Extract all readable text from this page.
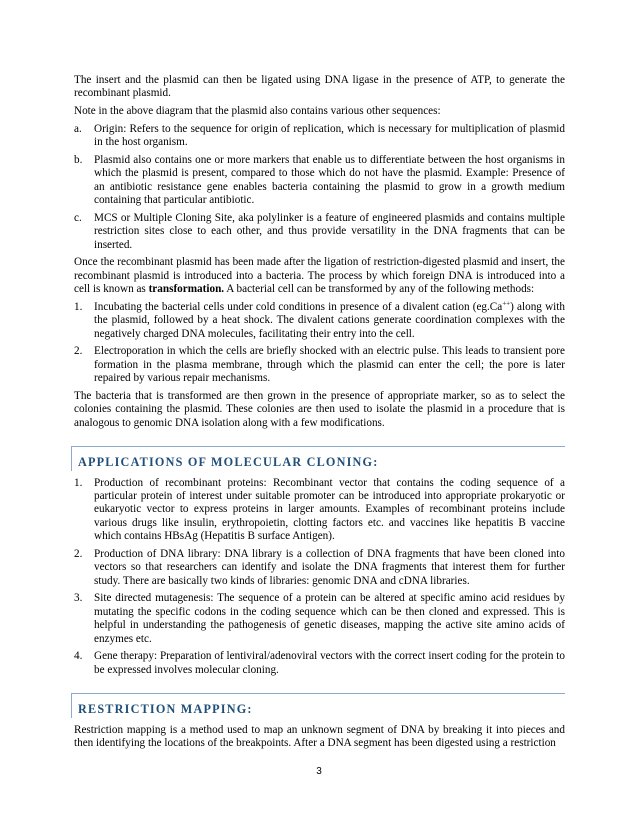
The insert and the plasmid can then be ligated using DNA ligase in the presence of ATP, to generate the recombinant plasmid.

Note in the above diagram that the plasmid also contains various other sequences:

a. Origin: Refers to the sequence for origin of replication, which is necessary for multiplication of plasmid in the host organism.
b. Plasmid also contains one or more markers that enable us to differentiate between the host organisms in which the plasmid is present, compared to those which do not have the plasmid. Example: Presence of an antibiotic resistance gene enables bacteria containing the plasmid to grow in a growth medium containing that particular antibiotic.
c. MCS or Multiple Cloning Site, aka polylinker is a feature of engineered plasmids and contains multiple restriction sites close to each other, and thus provide versatility in the DNA fragments that can be inserted.

Once the recombinant plasmid has been made after the ligation of restriction-digested plasmid and insert, the recombinant plasmid is introduced into a bacteria. The process by which foreign DNA is introduced into a cell is known as transformation. A bacterial cell can be transformed by any of the following methods:

1. Incubating the bacterial cells under cold conditions in presence of a divalent cation (eg.Ca++) along with the plasmid, followed by a heat shock. The divalent cations generate coordination complexes with the negatively charged DNA molecules, facilitating their entry into the cell.
2. Electroporation in which the cells are briefly shocked with an electric pulse. This leads to transient pore formation in the plasma membrane, through which the plasmid can enter the cell; the pore is later repaired by various repair mechanisms.

The bacteria that is transformed are then grown in the presence of appropriate marker, so as to select the colonies containing the plasmid. These colonies are then used to isolate the plasmid in a procedure that is analogous to genomic DNA isolation along with a few modifications.

APPLICATIONS OF MOLECULAR CLONING:
1. Production of recombinant proteins: Recombinant vector that contains the coding sequence of a particular protein of interest under suitable promoter can be introduced into appropriate prokaryotic or eukaryotic vector to express proteins in larger amounts. Examples of recombinant proteins include various drugs like insulin, erythropoietin, clotting factors etc. and vaccines like hepatitis B vaccine which contains HBsAg (Hepatitis B surface Antigen).
2. Production of DNA library: DNA library is a collection of DNA fragments that have been cloned into vectors so that researchers can identify and isolate the DNA fragments that interest them for further study. There are basically two kinds of libraries: genomic DNA and cDNA libraries.
3. Site directed mutagenesis: The sequence of a protein can be altered at specific amino acid residues by mutating the specific codons in the coding sequence which can be then cloned and expressed. This is helpful in understanding the pathogenesis of genetic diseases, mapping the active site amino acids of enzymes etc.
4. Gene therapy: Preparation of lentiviral/adenoviral vectors with the correct insert coding for the protein to be expressed involves molecular cloning.
RESTRICTION MAPPING:

Restriction mapping is a method used to map an unknown segment of DNA by breaking it into pieces and then identifying the locations of the breakpoints. After a DNA segment has been digested using a restriction

3
